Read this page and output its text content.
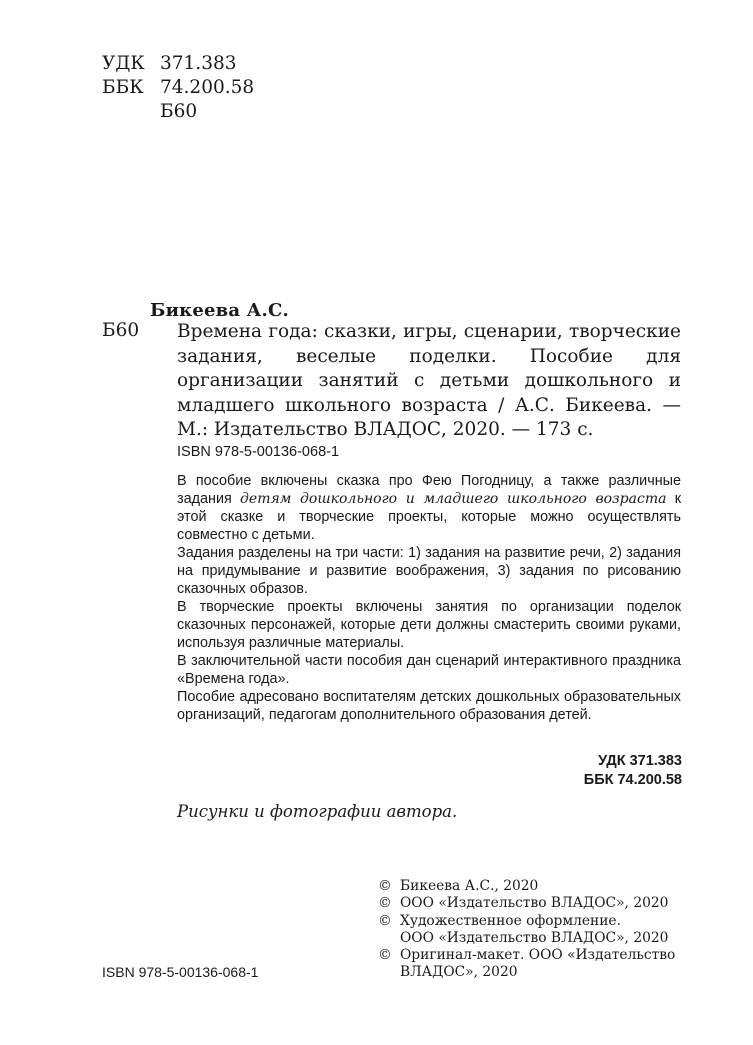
УДК 371.383
ББК 74.200.58
Б60
Бикеева А.С.
Б60 Времена года: сказки, игры, сценарии, творческие задания, веселые поделки. Пособие для организации занятий с детьми дошкольного и младшего школьного возраста / А.С. Бикеева. — М.: Издательство ВЛАДОС, 2020. — 173 с.
ISBN 978-5-00136-068-1

В пособие включены сказка про Фею Погодницу, а также различные задания детям дошкольного и младшего школьного возраста к этой сказке и творческие проекты, которые можно осуществлять совместно с детьми.

Задания разделены на три части: 1) задания на развитие речи, 2) задания на придумывание и развитие воображения, 3) задания по рисованию сказочных образов.

В творческие проекты включены занятия по организации поделок сказочных персонажей, которые дети должны смастерить своими руками, используя различные материалы.

В заключительной части пособия дан сценарий интерактивного праздника «Времена года».

Пособие адресовано воспитателям детских дошкольных образовательных организаций, педагогам дополнительного образования детей.

УДК 371.383
ББК 74.200.58
Рисунки и фотографии автора.
© Бикеева А.С., 2020
© ООО «Издательство ВЛАДОС», 2020
© Художественное оформление.
ООО «Издательство ВЛАДОС», 2020
© Оригинал-макет. ООО «Издательство ВЛАДОС», 2020
ISBN 978-5-00136-068-1
